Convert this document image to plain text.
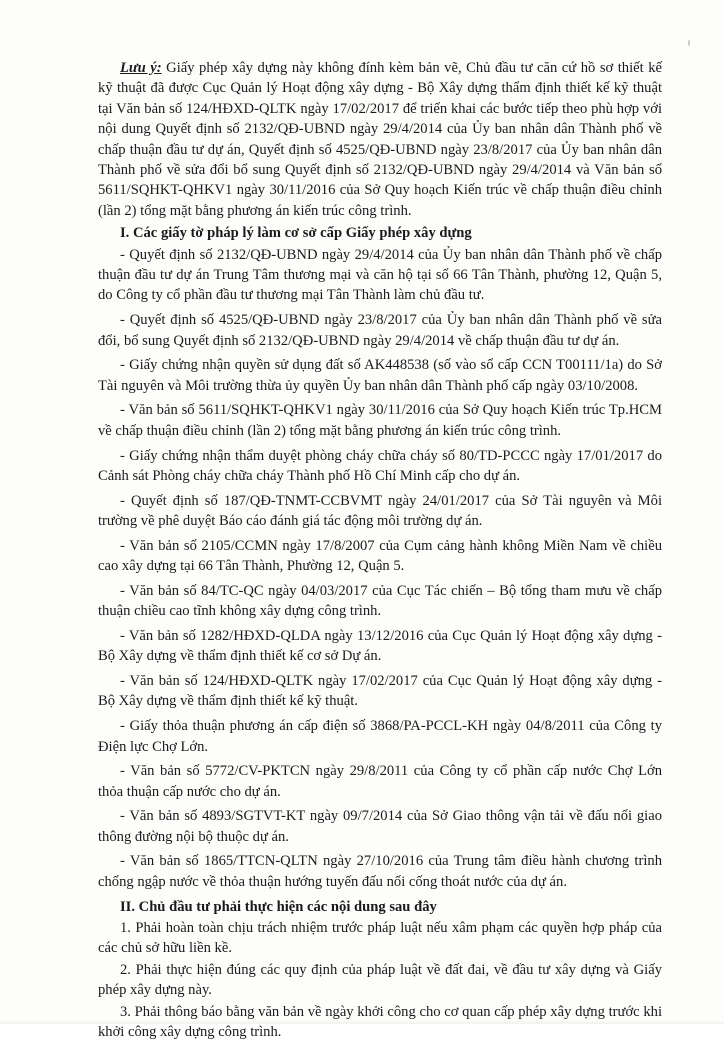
Lưu ý: Giấy phép xây dựng này không đính kèm bản vẽ, Chủ đầu tư căn cứ hồ sơ thiết kế kỹ thuật đã được Cục Quản lý Hoạt động xây dựng - Bộ Xây dựng thẩm định thiết kế kỹ thuật tại Văn bản số 124/HĐXD-QLTK ngày 17/02/2017 để triển khai các bước tiếp theo phù hợp với nội dung Quyết định số 2132/QĐ-UBND ngày 29/4/2014 của Ủy ban nhân dân Thành phố về chấp thuận đầu tư dự án, Quyết định số 4525/QĐ-UBND ngày 23/8/2017 của Ủy ban nhân dân Thành phố về sửa đổi bổ sung Quyết định số 2132/QĐ-UBND ngày 29/4/2014 và Văn bản số 5611/SQHKT-QHKV1 ngày 30/11/2016 của Sở Quy hoạch Kiến trúc về chấp thuận điều chỉnh (lần 2) tổng mặt bằng phương án kiến trúc công trình.

I. Các giấy tờ pháp lý làm cơ sở cấp Giấy phép xây dựng

- Quyết định số 2132/QĐ-UBND ngày 29/4/2014 của Ủy ban nhân dân Thành phố về chấp thuận đầu tư dự án Trung Tâm thương mại và căn hộ tại số 66 Tân Thành, phường 12, Quận 5, do Công ty cổ phần đầu tư thương mại Tân Thành làm chủ đầu tư.

- Quyết định số 4525/QĐ-UBND ngày 23/8/2017 của Ủy ban nhân dân Thành phố về sửa đổi, bổ sung Quyết định số 2132/QĐ-UBND ngày 29/4/2014 về chấp thuận đầu tư dự án.

- Giấy chứng nhận quyền sử dụng đất số AK448538 (số vào sổ cấp CCN T00111/1a) do Sở Tài nguyên và Môi trường thừa ủy quyền Ủy ban nhân dân Thành phố cấp ngày 03/10/2008.

- Văn bản số 5611/SQHKT-QHKV1 ngày 30/11/2016 của Sở Quy hoạch Kiến trúc Tp.HCM về chấp thuận điều chỉnh (lần 2) tổng mặt bằng phương án kiến trúc công trình.

- Giấy chứng nhận thẩm duyệt phòng cháy chữa cháy số 80/TD-PCCC ngày 17/01/2017 do Cảnh sát Phòng cháy chữa cháy Thành phố Hồ Chí Minh cấp cho dự án.

- Quyết định số 187/QĐ-TNMT-CCBVMT ngày 24/01/2017 của Sở Tài nguyên và Môi trường về phê duyệt Báo cáo đánh giá tác động môi trường dự án.

- Văn bản số 2105/CCMN ngày 17/8/2007 của Cụm cảng hành không Miền Nam về chiều cao xây dựng tại 66 Tân Thành, Phường 12, Quận 5.

- Văn bản số 84/TC-QC ngày 04/03/2017 của Cục Tác chiến – Bộ tổng tham mưu về chấp thuận chiều cao tĩnh không xây dựng công trình.

- Văn bản số 1282/HĐXD-QLDA ngày 13/12/2016 của Cục Quản lý Hoạt động xây dựng - Bộ Xây dựng về thẩm định thiết kế cơ sở Dự án.

- Văn bản số 124/HĐXD-QLTK ngày 17/02/2017 của Cục Quản lý Hoạt động xây dựng - Bộ Xây dựng về thẩm định thiết kế kỹ thuật.

- Giấy thỏa thuận phương án cấp điện số 3868/PA-PCCL-KH ngày 04/8/2011 của Công ty Điện lực Chợ Lớn.

- Văn bản số 5772/CV-PKTCN ngày 29/8/2011 của Công ty cổ phần cấp nước Chợ Lớn thỏa thuận cấp nước cho dự án.

- Văn bản số 4893/SGTVT-KT ngày 09/7/2014 của Sở Giao thông vận tải về đấu nối giao thông đường nội bộ thuộc dự án.

- Văn bản số 1865/TTCN-QLTN ngày 27/10/2016 của Trung tâm điều hành chương trình chống ngập nước về thỏa thuận hướng tuyến đấu nối cống thoát nước của dự án.

II. Chủ đầu tư phải thực hiện các nội dung sau đây

1. Phải hoàn toàn chịu trách nhiệm trước pháp luật nếu xâm phạm các quyền hợp pháp của các chủ sở hữu liền kề.

2. Phải thực hiện đúng các quy định của pháp luật về đất đai, về đầu tư xây dựng và Giấy phép xây dựng này.

3. Phải thông báo bằng văn bản về ngày khởi công cho cơ quan cấp phép xây dựng trước khi khởi công xây dựng công trình.
